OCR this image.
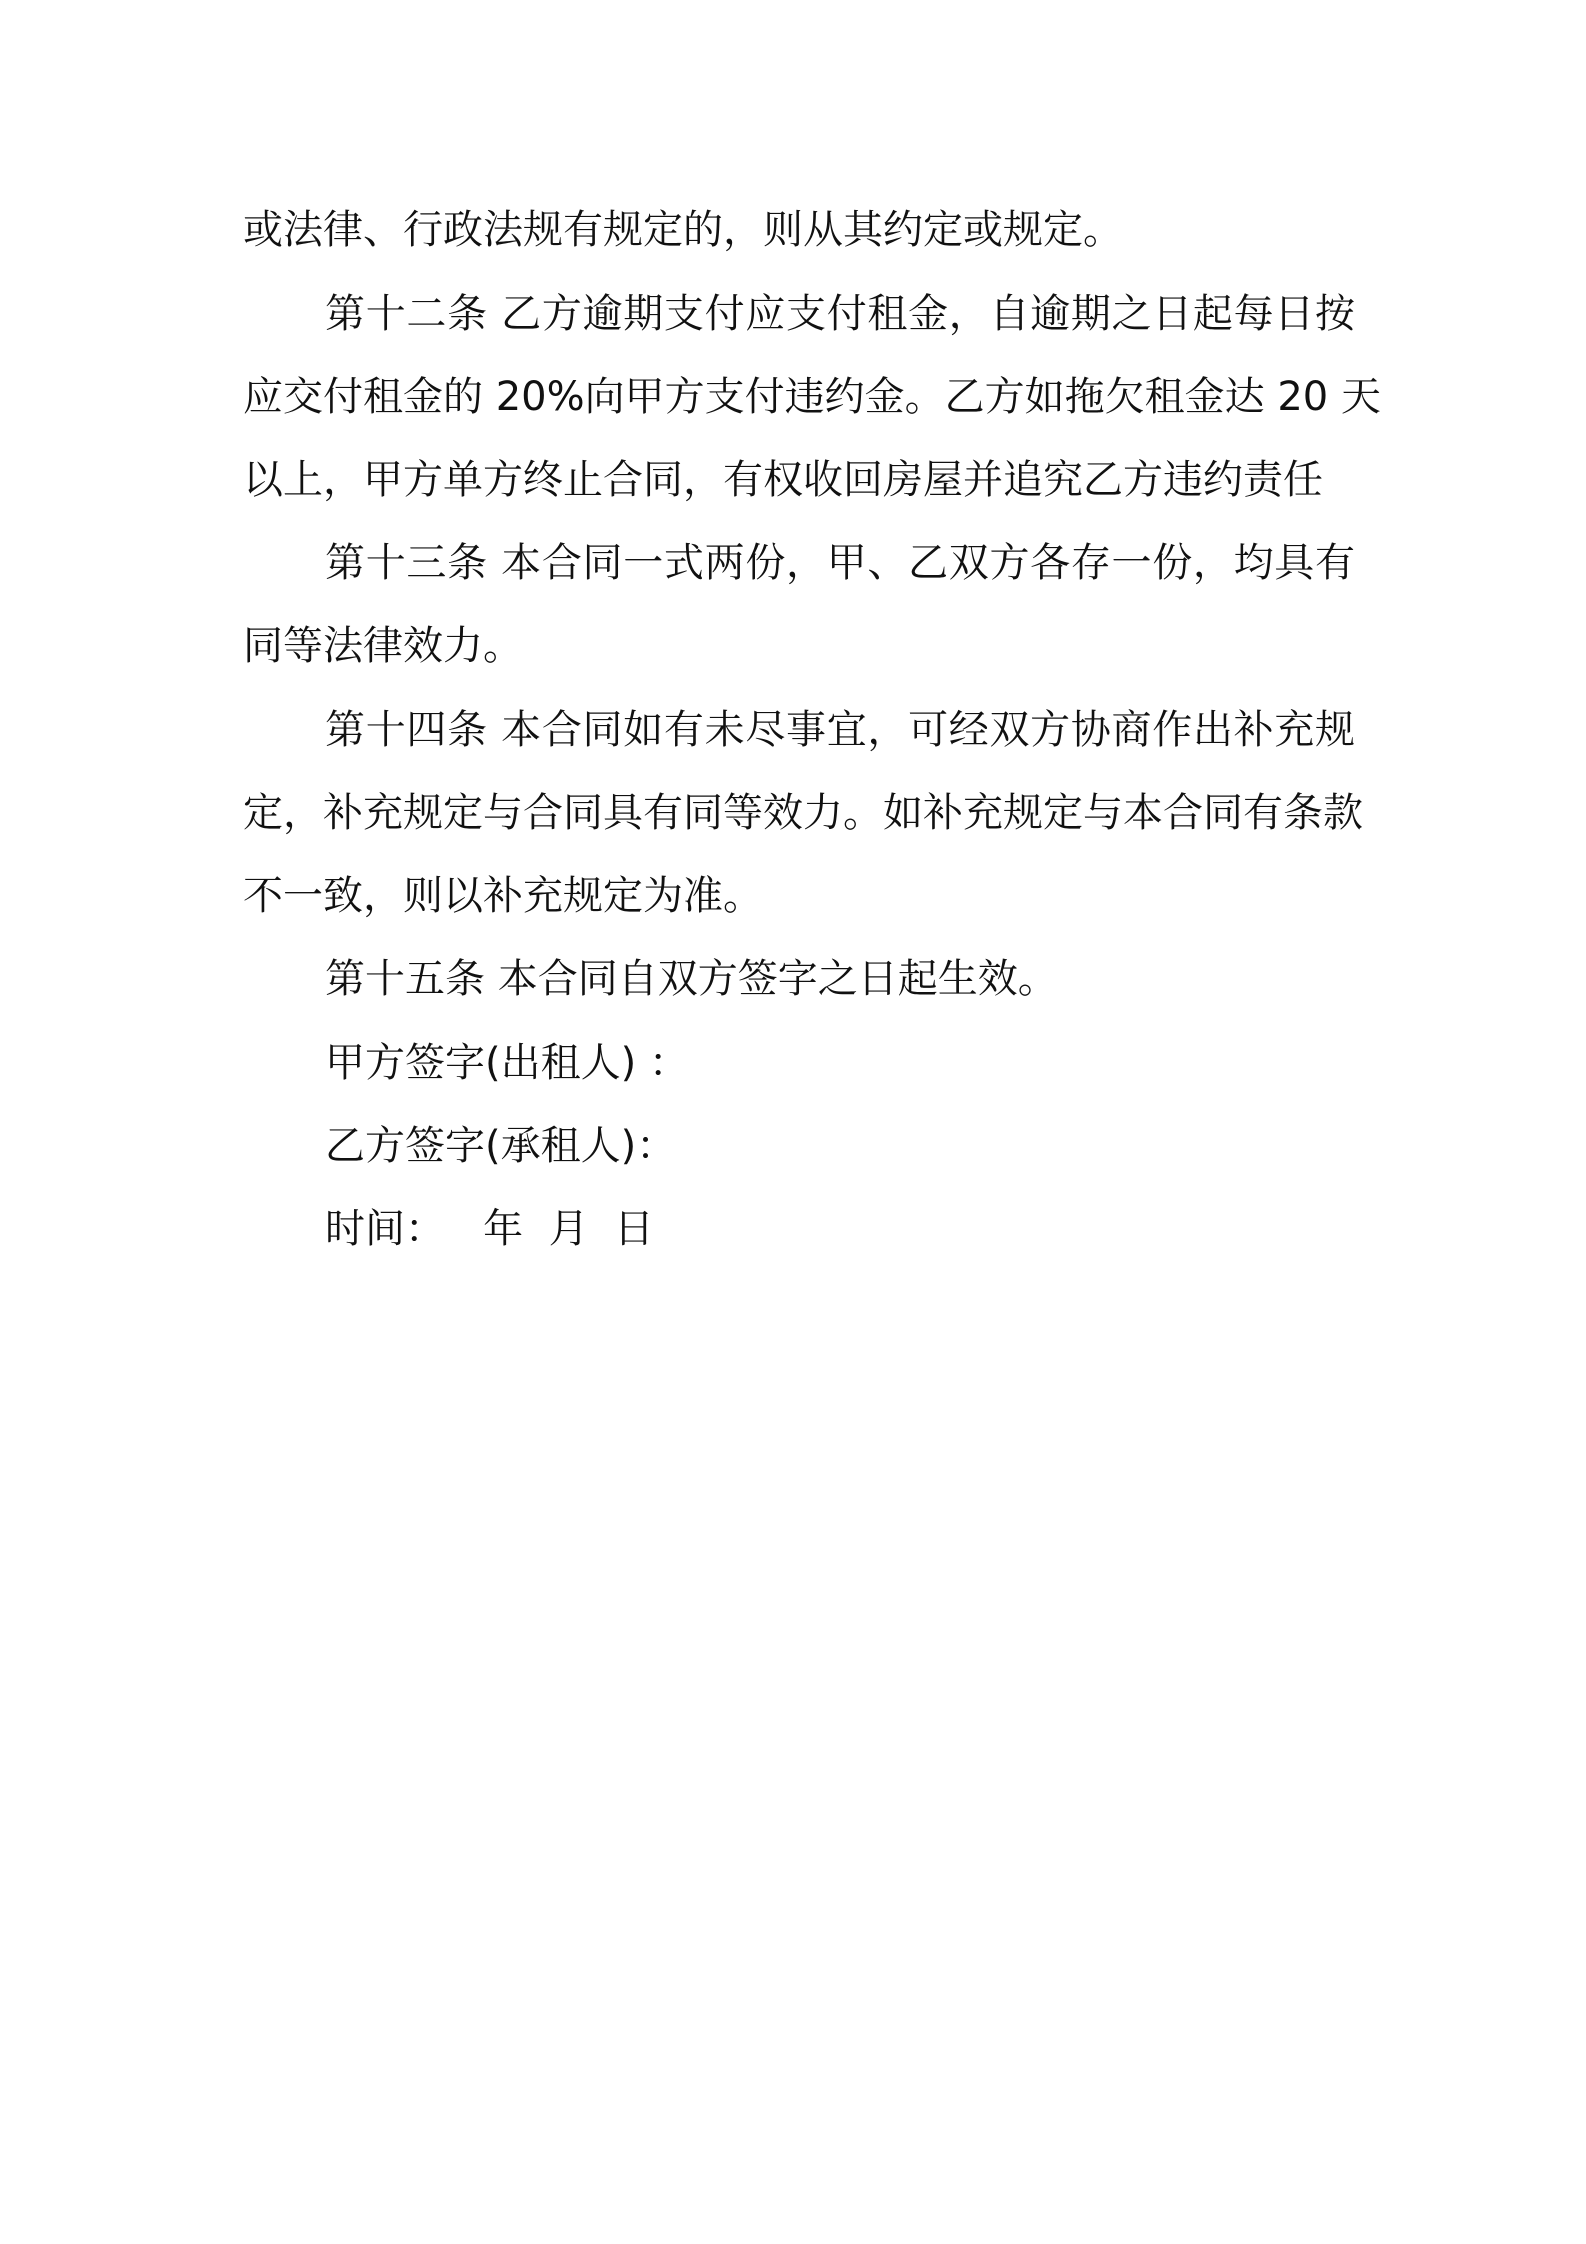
或法律、行政法规有规定的，则从其约定或规定。

第十二条 乙方逾期支付应支付租金，自逾期之日起每日按

应交付租金的 20%向甲方支付违约金。乙方如拖欠租金达 20 天

以上，甲方单方终止合同，有权收回房屋并追究乙方违约责任

第十三条 本合同一式两份，甲、乙双方各存一份，均具有

同等法律效力。

第十四条 本合同如有未尽事宜，可经双方协商作出补充规

定，补充规定与合同具有同等效力。如补充规定与本合同有条款

不一致，则以补充规定为准。

第十五条 本合同自双方签字之日起生效。

甲方签字(出租人) ：

乙方签字(承租人)：

时间：   年  月  日
